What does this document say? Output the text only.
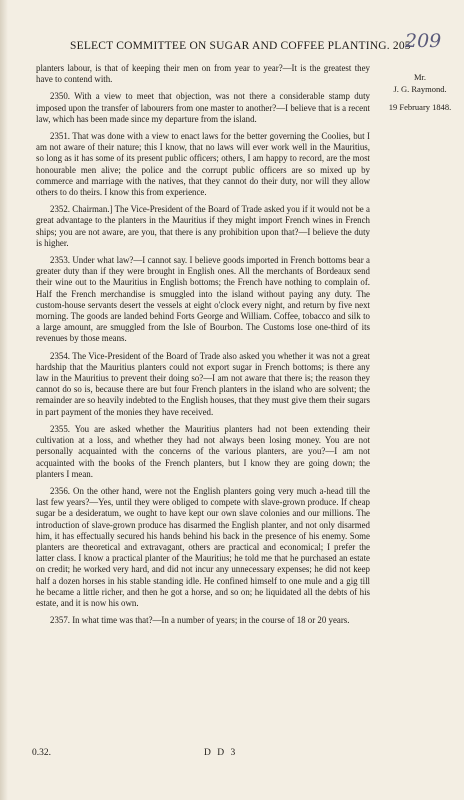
SELECT COMMITTEE ON SUGAR AND COFFEE PLANTING. 205
209
Mr.
J. G. Raymond.
19 February 1848.

planters labour, is that of keeping their men on from year to year?—It is the greatest they have to contend with.

2350. With a view to meet that objection, was not there a considerable stamp duty imposed upon the transfer of labourers from one master to another?—I believe that is a recent law, which has been made since my departure from the island.

2351. That was done with a view to enact laws for the better governing the Coolies, but I am not aware of their nature; this I know, that no laws will ever work well in the Mauritius, so long as it has some of its present public officers; others, I am happy to record, are the most honourable men alive; the police and the corrupt public officers are so mixed up by commerce and marriage with the natives, that they cannot do their duty, nor will they allow others to do theirs. I know this from experience.

2352. Chairman.] The Vice-President of the Board of Trade asked you if it would not be a great advantage to the planters in the Mauritius if they might import French wines in French ships; you are not aware, are you, that there is any prohibition upon that?—I believe the duty is higher.

2353. Under what law?—I cannot say. I believe goods imported in French bottoms bear a greater duty than if they were brought in English ones. All the merchants of Bordeaux send their wine out to the Mauritius in English bottoms; the French have nothing to complain of. Half the French merchandise is smuggled into the island without paying any duty. The custom-house servants desert the vessels at eight o'clock every night, and return by five next morning. The goods are landed behind Forts George and William. Coffee, tobacco and silk to a large amount, are smuggled from the Isle of Bourbon. The Customs lose one-third of its revenues by those means.

2354. The Vice-President of the Board of Trade also asked you whether it was not a great hardship that the Mauritius planters could not export sugar in French bottoms; is there any law in the Mauritius to prevent their doing so?—I am not aware that there is; the reason they cannot do so is, because there are but four French planters in the island who are solvent; the remainder are so heavily indebted to the English houses, that they must give them their sugars in part payment of the monies they have received.

2355. You are asked whether the Mauritius planters had not been extending their cultivation at a loss, and whether they had not always been losing money. You are not personally acquainted with the concerns of the various planters, are you?—I am not acquainted with the books of the French planters, but I know they are going down; the planters I mean.

2356. On the other hand, were not the English planters going very much a-head till the last few years?—Yes, until they were obliged to compete with slave-grown produce. If cheap sugar be a desideratum, we ought to have kept our own slave colonies and our millions. The introduction of slave-grown produce has disarmed the English planter, and not only disarmed him, it has effectually secured his hands behind his back in the presence of his enemy. Some planters are theoretical and extravagant, others are practical and economical; I prefer the latter class. I know a practical planter of the Mauritius; he told me that he purchased an estate on credit; he worked very hard, and did not incur any unnecessary expenses; he did not keep half a dozen horses in his stable standing idle. He confined himself to one mule and a gig till he became a little richer, and then he got a horse, and so on; he liquidated all the debts of his estate, and it is now his own.

2357. In what time was that?—In a number of years; in the course of 18 or 20 years.

0.32.	D D 3
